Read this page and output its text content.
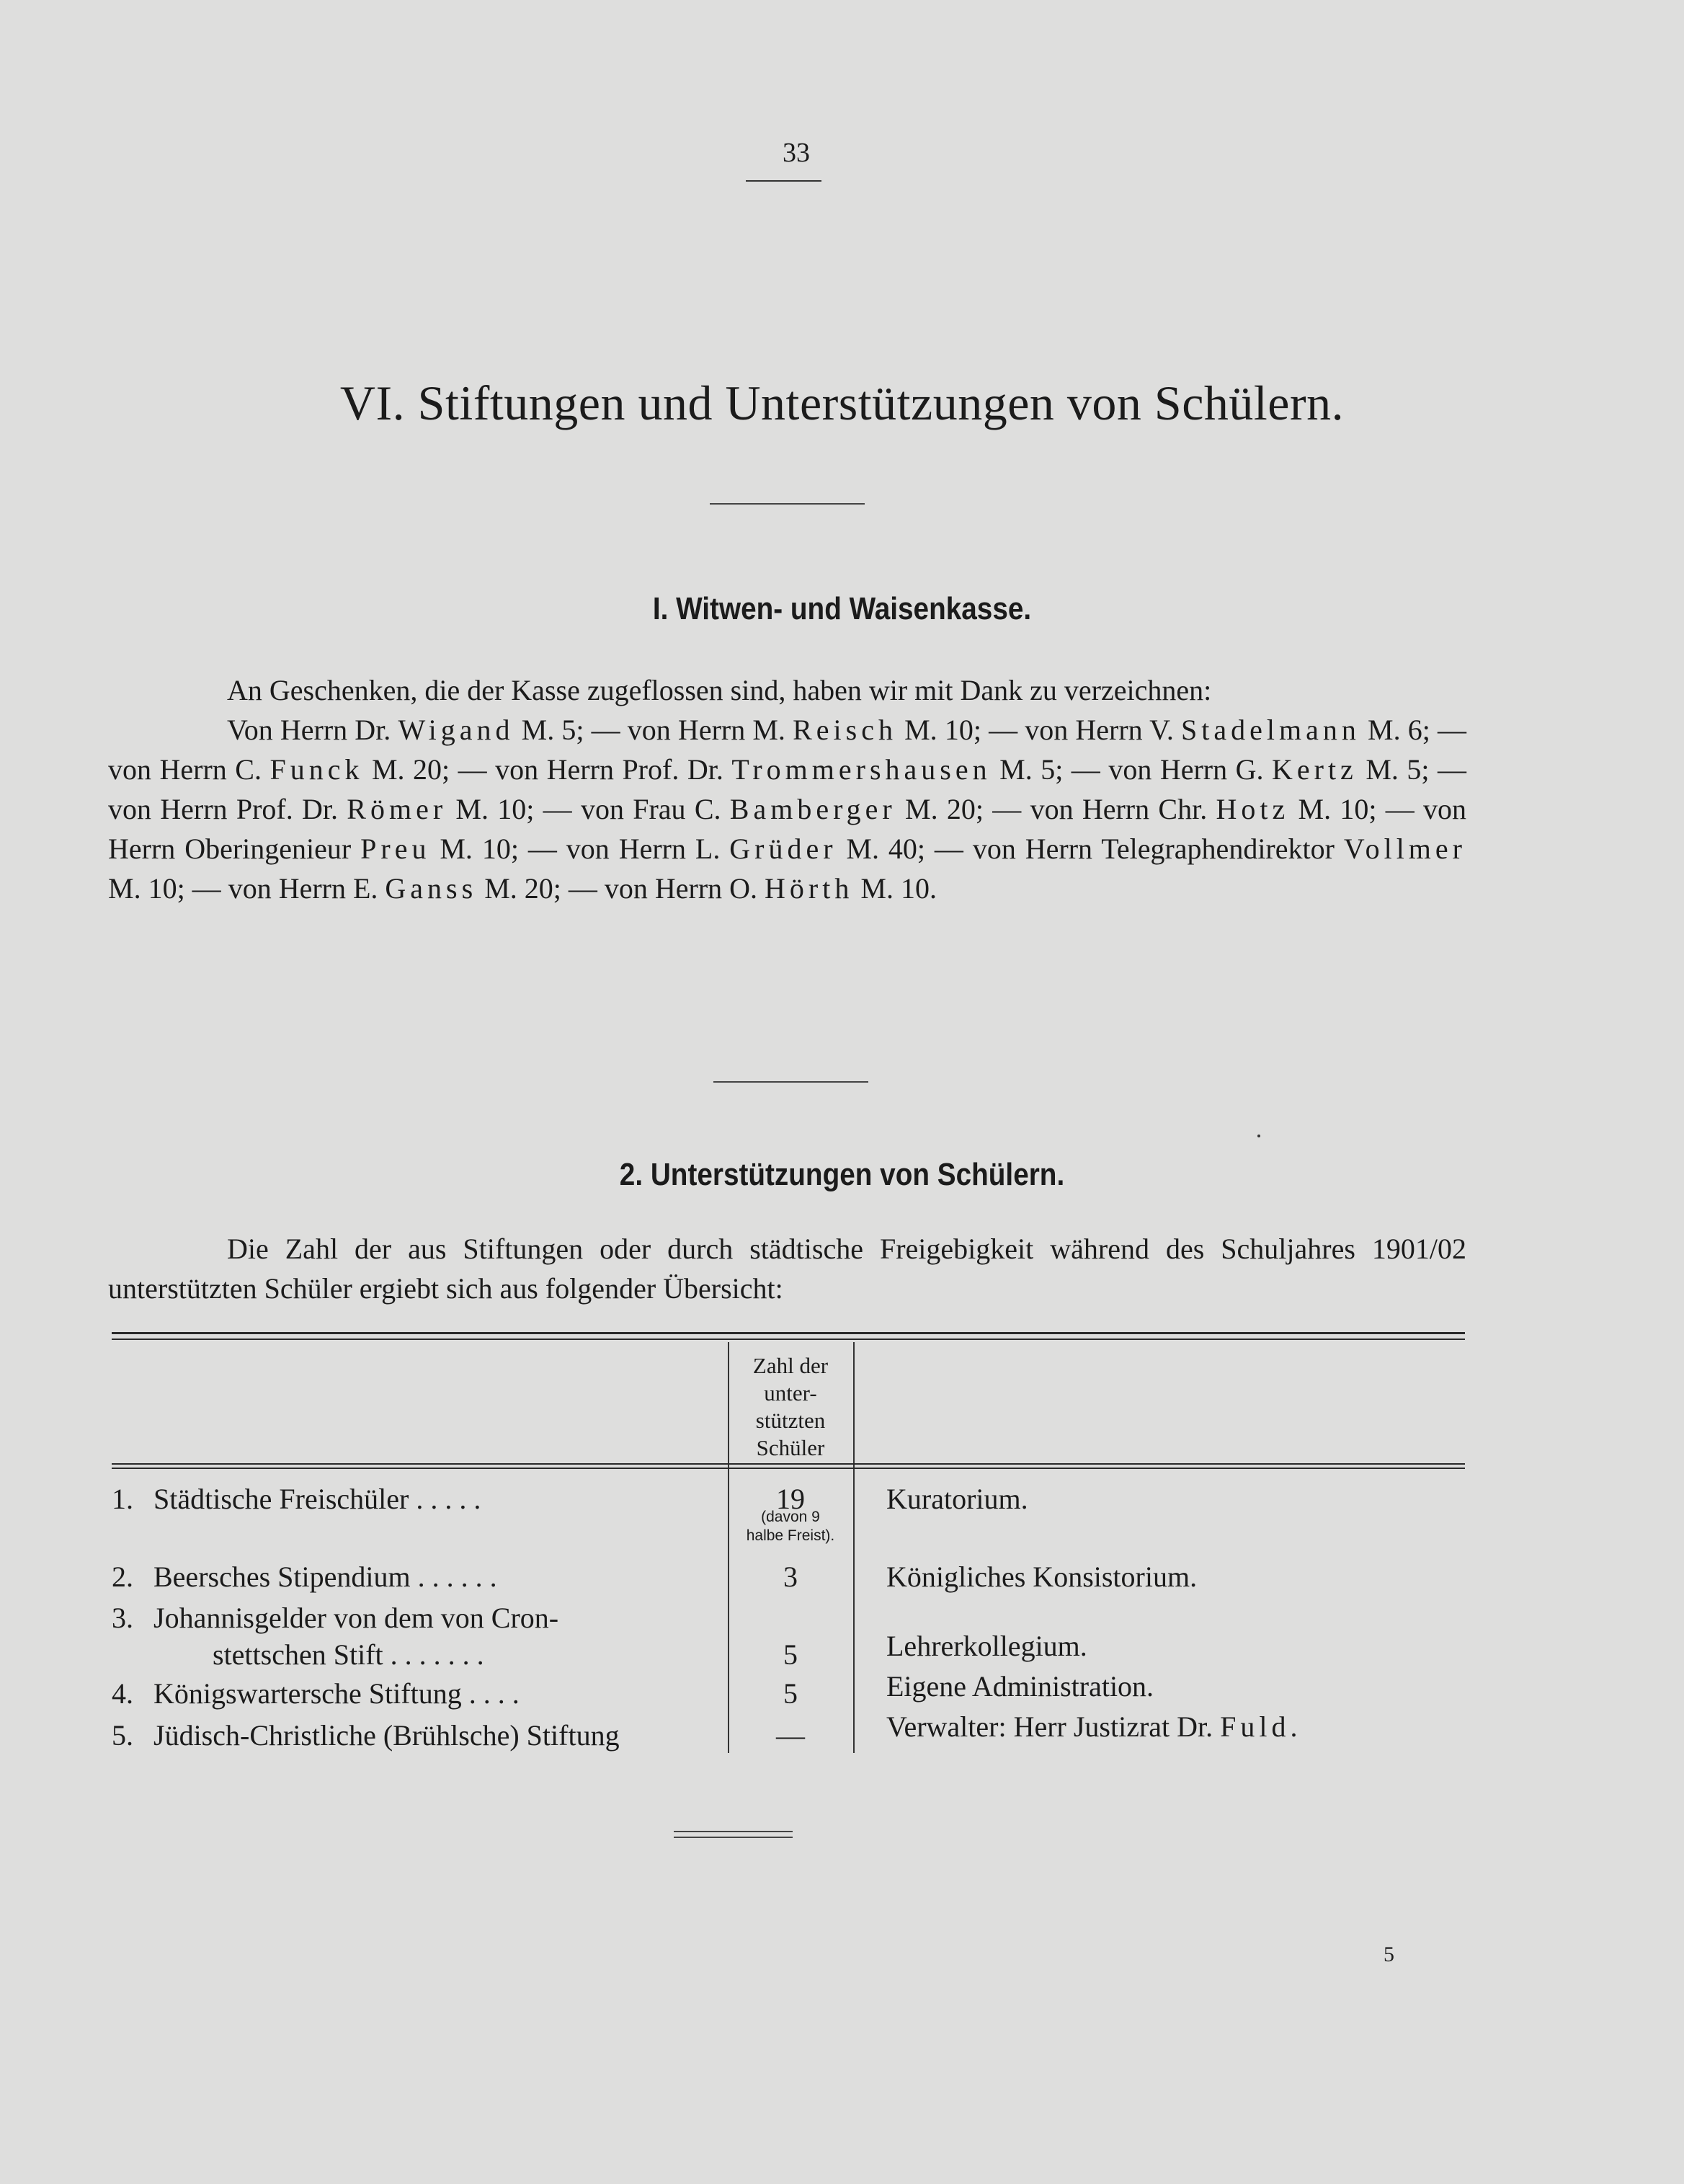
33
VI. Stiftungen und Unterstützungen von Schülern.
I. Witwen- und Waisenkasse.

An Geschenken, die der Kasse zugeflossen sind, haben wir mit Dank zu verzeichnen:
Von Herrn Dr. Wigand M. 5; — von Herrn M. Reisch M. 10; — von Herrn V. Stadelmann M. 6; — von Herrn C. Funck M. 20; — von Herrn Prof. Dr. Trommershausen M. 5; — von Herrn G. Kertz M. 5; — von Herrn Prof. Dr. Römer M. 10; — von Frau C. Bamberger M. 20; — von Herrn Chr. Hotz M. 10; — von Herrn Oberingenieur Preu M. 10; — von Herrn L. Grüder M. 40; — von Herrn Telegraphendirektor Vollmer M. 10; — von Herrn E. Ganss M. 20; — von Herrn O. Hörth M. 10.

2. Unterstützungen von Schülern.

Die Zahl der aus Stiftungen oder durch städtische Freigebigkeit während des Schuljahres 1901/02 unterstützten Schüler ergiebt sich aus folgender Übersicht:

Zahl der
unter-
stützten
Schüler
1. Städtische Freischüler . . . . .	19	Kuratorium.
(davon 9
halbe Freist).
2. Beersches Stipendium . . . . . .	3	Königliches Konsistorium.
3. Johannisgelder von dem von Cron-
stettschen Stift . . . . . . .	5	Lehrerkollegium.
4. Königswartersche Stiftung . . . .	5	Eigene Administration.
5. Jüdisch-Christliche (Brühlsche) Stiftung	—	Verwalter: Herr Justizrat Dr. Fuld.
5
